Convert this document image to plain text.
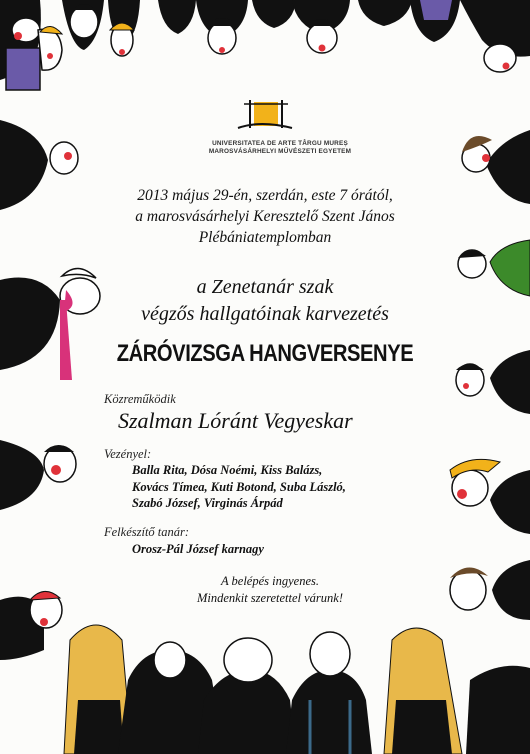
UNIVERSITATEA DE ARTE TÂRGU MUREȘ
MAROSVÁSÁRHELYI MŰVÉSZETI EGYETEM
2013 május 29-én, szerdán, este 7 órától,
a marosvásárhelyi Keresztelő Szent János
Plébániatemplomban
a Zenetanár szak
végzős hallgatóinak karvezetés
ZÁRÓVIZSGA HANGVERSENYE
Közreműködik
Szalman Lóránt Vegyeskar
Vezényel:
Balla Rita, Dósa Noémi, Kiss Balázs,
Kovács Tímea, Kuti Botond, Suba László,
Szabó József, Virginás Árpád
Felkészítő tanár:
Orosz-Pál József karnagy
A belépés ingyenes.
Mindenkit szeretettel várunk!
